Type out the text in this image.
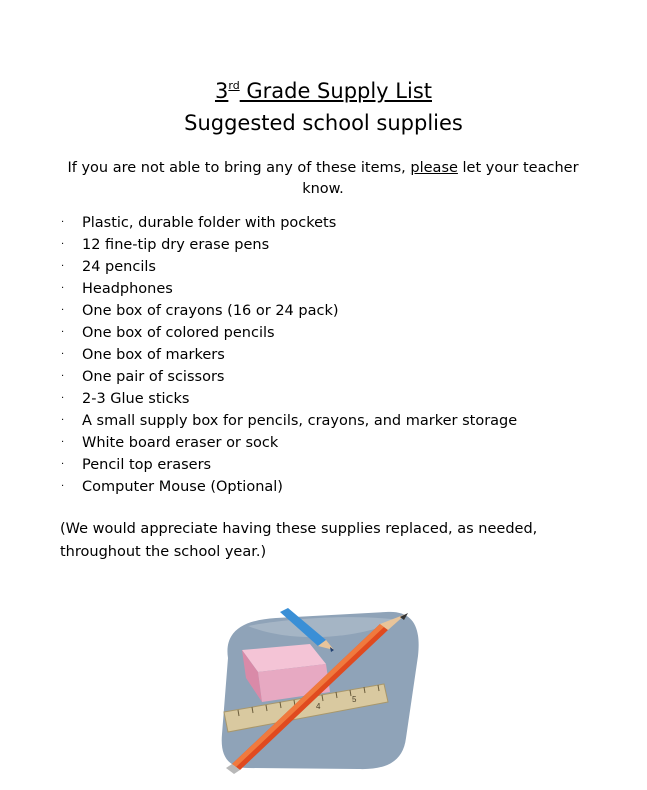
3rd Grade Supply List
Suggested school supplies
If you are not able to bring any of these items, please let your teacher know.
· Plastic, durable folder with pockets
· 12 fine-tip dry erase pens
· 24 pencils
· Headphones
· One box of crayons (16 or 24 pack)
· One box of colored pencils
· One box of markers
· One pair of scissors
· 2-3 Glue sticks
· A small supply box for pencils, crayons, and marker storage
· White board eraser or sock
· Pencil top erasers
· Computer Mouse (Optional)
(We would appreciate having these supplies replaced, as needed, throughout the school year.)
4
5
